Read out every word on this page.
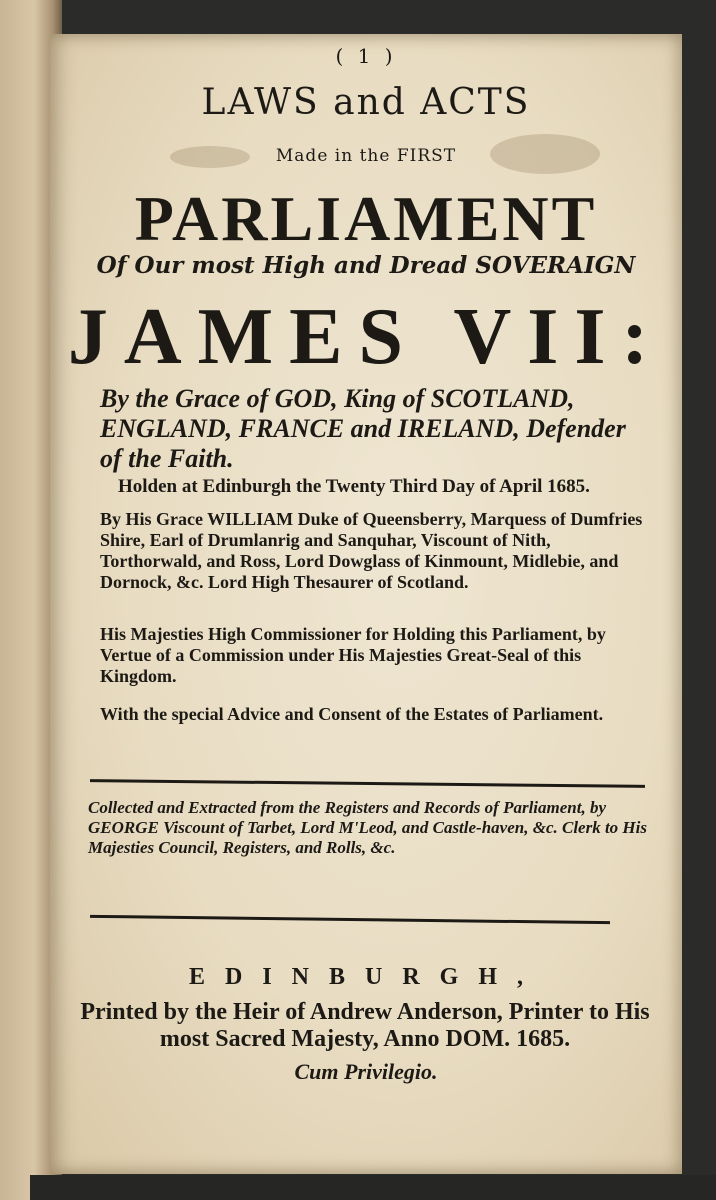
( 1 )
LAWS and ACTS
Made in the FIRST
PARLIAMENT
Of Our most High and Dread SOVERAIGN
JAMES VII:
By the Grace of GOD, King of SCOTLAND, ENGLAND, FRANCE and IRELAND, Defender of the Faith.
Holden at Edinburgh the Twenty Third Day of April 1685.
By His Grace WILLIAM Duke of Queensberry, Marquess of Dumfries Shire, Earl of Drumlanrig and Sanquhar, Viscount of Nith, Torthorwald, and Ross, Lord Dowglass of Kinmount, Midlebie, and Dornock, &c. Lord High Thesaurer of Scotland.
His Majesties High Commissioner for Holding this Parliament, by Vertue of a Commission under His Majesties Great-Seal of this Kingdom.
With the special Advice and Consent of the Estates of Parliament.
Collected and Extracted from the Registers and Records of Parliament, by GEORGE Viscount of Tarbet, Lord M'Leod, and Castle-haven, &c. Clerk to His Majesties Council, Registers, and Rolls, &c.
EDINBURGH,
Printed by the Heir of Andrew Anderson, Printer to His most Sacred Majesty, Anno DOM. 1685.
Cum Privilegio.
